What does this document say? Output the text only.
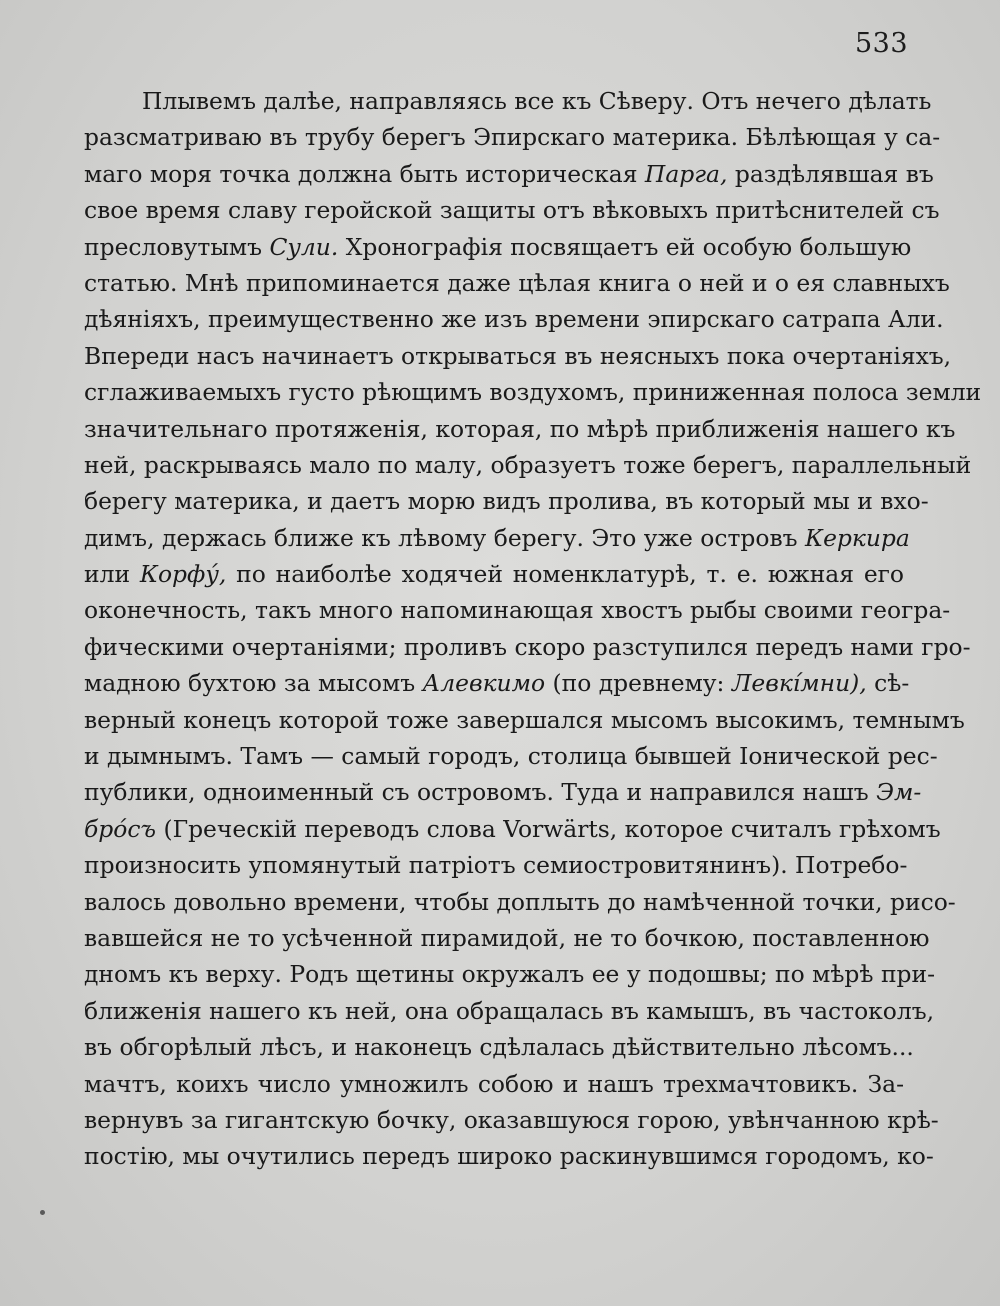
533
Плывемъ далѣе, направляясь все къ Сѣверу. Отъ нечего дѣлать
разсматриваю въ трубу берегъ Эпирскаго материка. Бѣлѣющая у са-
маго моря точка должна быть историческая Парга, раздѣлявшая въ
свое время славу геройской защиты отъ вѣковыхъ притѣснителей съ
пресловутымъ Сули. Хронографія посвящаетъ ей особую большую
статью. Мнѣ припоминается даже цѣлая книга о ней и о ея славныхъ
дѣяніяхъ, преимущественно же изъ времени эпирскаго сатрапа Али.
Впереди насъ начинаетъ открываться въ неясныхъ пока очертаніяхъ,
сглаживаемыхъ густо рѣющимъ воздухомъ, приниженная полоса земли
значительнаго протяженія, которая, по мѣрѣ приближенія нашего къ
ней, раскрываясь мало по малу, образуетъ тоже берегъ, параллельный
берегу материка, и даетъ морю видъ пролива, въ который мы и вхо-
димъ, держась ближе къ лѣвому берегу. Это уже островъ Керкира
или Корфу́, по наиболѣе ходячей номенклатурѣ, т. е. южная его
оконечность, такъ много напоминающая хвостъ рыбы своими геогра-
фическими очертаніями; проливъ скоро разступился передъ нами гро-
мадною бухтою за мысомъ Алевкимо (по древнему: Левкі́мни), сѣ-
верный конецъ которой тоже завершался мысомъ высокимъ, темнымъ
и дымнымъ. Тамъ — самый городъ, столица бывшей Іонической рес-
публики, одноименный съ островомъ. Туда и направился нашъ Эм-
бро́съ (Греческій переводъ слова Vorwärts, которое считалъ грѣхомъ
произносить упомянутый патріотъ семиостровитянинъ). Потребо-
валось довольно времени, чтобы доплыть до намѣченной точки, рисо-
вавшейся не то усѣченной пирамидой, не то бочкою, поставленною
дномъ къ верху. Родъ щетины окружалъ ее у подошвы; по мѣрѣ при-
ближенія нашего къ ней, она обращалась въ камышъ, въ частоколъ,
въ обгорѣлый лѣсъ, и наконецъ сдѣлалась дѣйствительно лѣсомъ...
мачтъ, коихъ число умножилъ собою и нашъ трехмачтовикъ. За-
вернувъ за гигантскую бочку, оказавшуюся горою, увѣнчанною крѣ-
постію, мы очутились передъ широко раскинувшимся городомъ, ко-
